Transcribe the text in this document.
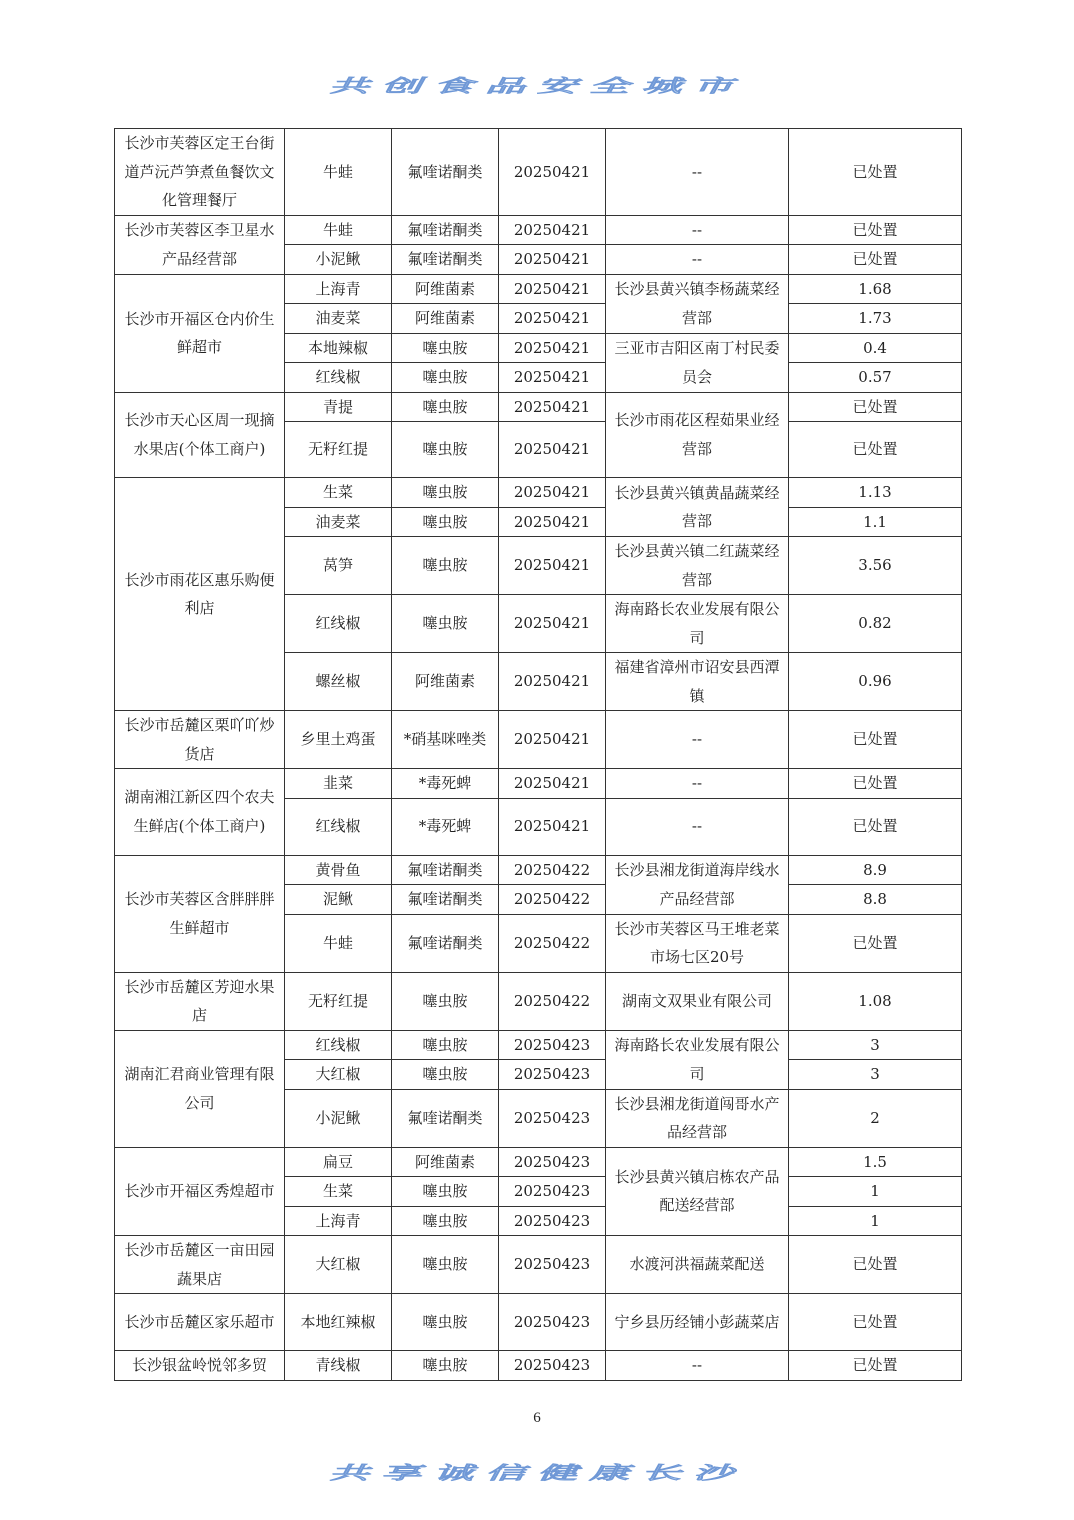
共创食品安全城市
长沙市芙蓉区定王台街道芦沅芦笋煮鱼餐饮文化管理餐厅	牛蛙	氟喹诺酮类	20250421	--	已处置
长沙市芙蓉区李卫星水产品经营部	牛蛙	氟喹诺酮类	20250421	--	已处置
	小泥鳅	氟喹诺酮类	20250421	--	已处置
长沙市开福区仓内价生鲜超市	上海青	阿维菌素	20250421	长沙县黄兴镇李杨蔬菜经营部	1.68
	油麦菜	阿维菌素	20250421		1.73
	本地辣椒	噻虫胺	20250421	三亚市吉阳区南丁村民委员会	0.4
	红线椒	噻虫胺	20250421		0.57
长沙市天心区周一现摘水果店(个体工商户)	青提	噻虫胺	20250421	长沙市雨花区程茹果业经营部	已处置
	无籽红提	噻虫胺	20250421		已处置
长沙市雨花区惠乐购便利店	生菜	噻虫胺	20250421	长沙县黄兴镇黄晶蔬菜经营部	1.13
	油麦菜	噻虫胺	20250421		1.1
	莴笋	噻虫胺	20250421	长沙县黄兴镇二红蔬菜经营部	3.56
	红线椒	噻虫胺	20250421	海南路长农业发展有限公司	0.82
	螺丝椒	阿维菌素	20250421	福建省漳州市诏安县西潭镇	0.96
长沙市岳麓区栗吖吖炒货店	乡里土鸡蛋	*硝基咪唑类	20250421	--	已处置
湖南湘江新区四个农夫生鲜店(个体工商户)	韭菜	*毒死蜱	20250421	--	已处置
	红线椒	*毒死蜱	20250421	--	已处置
长沙市芙蓉区含胖胖胖生鲜超市	黄骨鱼	氟喹诺酮类	20250422	长沙县湘龙街道海岸线水产品经营部	8.9
	泥鳅	氟喹诺酮类	20250422		8.8
	牛蛙	氟喹诺酮类	20250422	长沙市芙蓉区马王堆老菜市场七区20号	已处置
长沙市岳麓区芳迎水果店	无籽红提	噻虫胺	20250422	湖南文双果业有限公司	1.08
湖南汇君商业管理有限公司	红线椒	噻虫胺	20250423	海南路长农业发展有限公司	3
	大红椒	噻虫胺	20250423		3
	小泥鳅	氟喹诺酮类	20250423	长沙县湘龙街道闯哥水产品经营部	2
长沙市开福区秀煌超市	扁豆	阿维菌素	20250423	长沙县黄兴镇启栋农产品配送经营部	1.5
	生菜	噻虫胺	20250423		1
	上海青	噻虫胺	20250423		1
长沙市岳麓区一亩田园蔬果店	大红椒	噻虫胺	20250423	水渡河洪福蔬菜配送	已处置
长沙市岳麓区家乐超市	本地红辣椒	噻虫胺	20250423	宁乡县历经铺小彭蔬菜店	已处置
长沙银盆岭悦邻多贸	青线椒	噻虫胺	20250423	--	已处置
6
共享诚信健康长沙
